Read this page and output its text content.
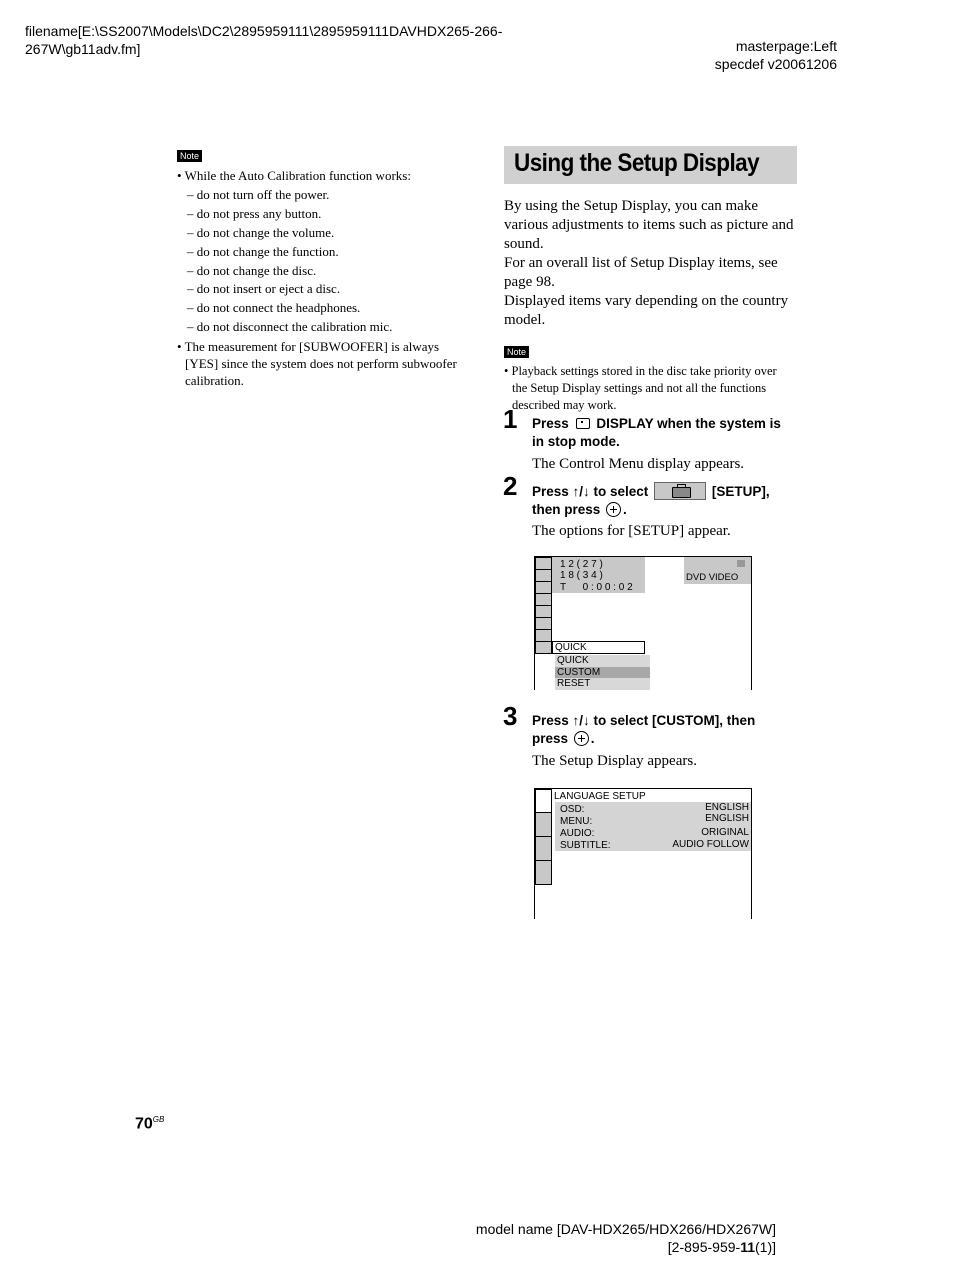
filename[E:\SS2007\Models\DC2\2895959111\2895959111DAVHDX265-266-
267W\gb11adv.fm]	masterpage:Left
specdef v20061206
Note
• While the Auto Calibration function works:
– do not turn off the power.
– do not press any button.
– do not change the volume.
– do not change the function.
– do not change the disc.
– do not insert or eject a disc.
– do not connect the headphones.
– do not disconnect the calibration mic.
• The measurement for [SUBWOOFER] is always
[YES] since the system does not perform subwoofer
calibration.
Using the Setup Display
By using the Setup Display, you can make
various adjustments to items such as picture and
sound.
For an overall list of Setup Display items, see
page 98.
Displayed items vary depending on the country
model.
Note
• Playback settings stored in the disc take priority over
the Setup Display settings and not all the functions
described may work.
1 Press DISPLAY when the system is
in stop mode.
The Control Menu display appears.
2 Press ↑/↓ to select	[SETUP],
then press .
The options for [SETUP] appear.
1 2 ( 2 7 )
1 8 ( 3 4 )
T      0 : 0 0 : 0 2
DVD VIDEO
QUICK
QUICK
CUSTOM
RESET
3 Press ↑/↓ to select [CUSTOM], then
press .
The Setup Display appears.
LANGUAGE SETUP
OSD:	ENGLISH
MENU:	ENGLISH
AUDIO:	ORIGINAL
SUBTITLE:	AUDIO FOLLOW
$70^{GB}$
model name [DAV-HDX265/HDX266/HDX267W]
[2-895-959-11(1)]
